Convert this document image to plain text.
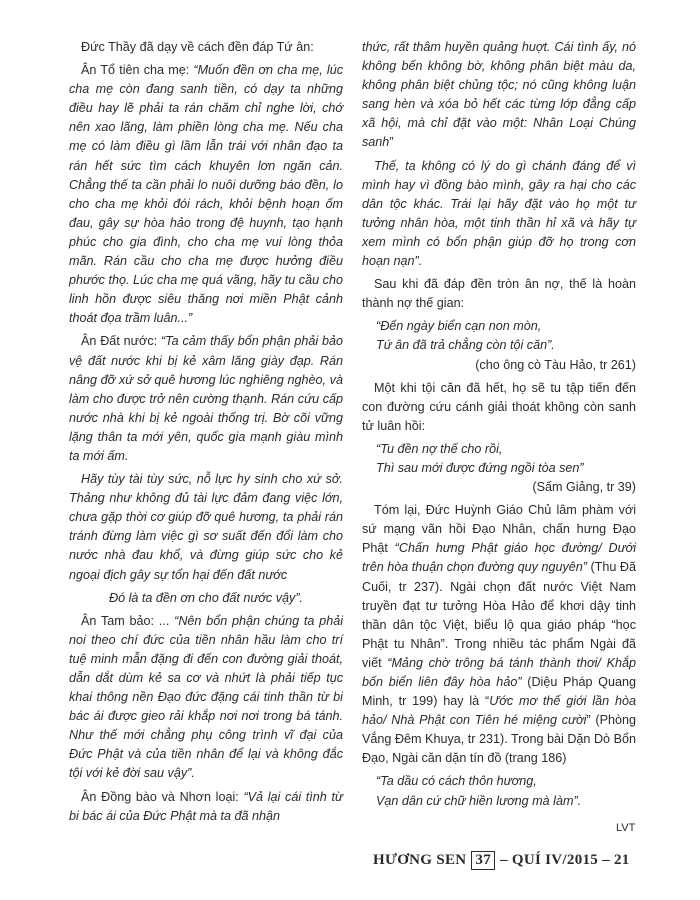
Đức Thầy đã dạy về cách đền đáp Tứ ân:

Ân Tổ tiên cha mẹ: “Muốn đền ơn cha mẹ, lúc cha mẹ còn đang sanh tiền, có dạy ta những điều hay lẽ phải ta rán chăm chỉ nghe lời, chớ nên xao lãng, làm phiền lòng cha mẹ. Nếu cha mẹ có làm điều gì lầm lẫn trái với nhân đạo ta rán hết sức tìm cách khuyên lơn ngăn cản. Chẳng thế ta cần phải lo nuôi dưỡng báo đền, lo cho cha mẹ khỏi đói rách, khỏi bệnh hoạn ốm đau, gây sự hòa hảo trong đệ huynh, tạo hạnh phúc cho gia đình, cho cha mẹ vui lòng thỏa mãn. Rán cầu cho cha mẹ được hưởng điều phước thọ. Lúc cha mẹ quá vãng, hãy tu cầu cho linh hồn được siêu thăng nơi miền Phật cảnh thoát đọa trầm luân...”

Ân Đất nước: “Ta cảm thấy bổn phận phải bảo vệ đất nước khi bị kẻ xâm lăng giày đạp. Rán nâng đỡ xứ sở quê hương lúc nghiêng nghèo, và làm cho được trở nên cường thạnh. Rán cứu cấp nước nhà khi bị kẻ ngoài thống trị. Bờ cõi vững lặng thân ta mới yên, quốc gia mạnh giàu mình ta mới ấm.

Hãy tùy tài tùy sức, nỗ lực hy sinh cho xứ sở. Thảng như không đủ tài lực đảm đang việc lớn, chưa gặp thời cơ giúp đỡ quê hương, ta phải rán tránh đừng làm việc gì sơ suất đến đổi làm cho nước nhà đau khổ, và đừng giúp sức cho kẻ ngoại địch gây sự tổn hại đến đất nước

Đó là ta đền ơn cho đất nước vậy”.

Ân Tam bảo: ... “Nên bổn phận chúng ta phải noi theo chí đức của tiền nhân hầu làm cho trí tuệ minh mẫn đặng đi đến con đường giải thoát, dẫn dắt dùm kẻ sa cơ và nhứt là phải tiếp tục khai thông nền Đạo đức đặng cái tinh thần từ bi bác ái được gieo rải khắp nơi nơi trong bá tánh. Như thế mới chẳng phụ công trình vĩ đại của Đức Phật và của tiền nhân để lại và không đắc tội với kẻ đời sau vậy”.

Ân Đồng bào và Nhơn loại: “Vả lại cái tình từ bi bác ái của Đức Phật mà ta đã nhận

thức, rất thâm huyền quảng huợt. Cái tình ấy, nó không bến không bờ, không phân biệt màu da, không phân biệt chủng tộc; nó cũng không luận sang hèn và xóa bỏ hết các từng lớp đẳng cấp xã hội, mà chỉ đặt vào một: Nhân Loại Chúng sanh”

Thế, ta không có lý do gì chánh đáng để vì mình hay vì đồng bào mình, gây ra hại cho các dân tộc khác. Trái lại hãy đặt vào họ một tư tưởng nhân hòa, một tinh thần hỉ xã và hãy tự xem mình có bổn phận giúp đỡ họ trong cơn hoạn nạn”.

Sau khi đã đáp đền tròn ân nợ, thế là hoàn thành nợ thế gian:

“Đến ngày biển cạn non mòn,

Tứ ân đã trả chẳng còn tội căn”.

(cho ông cò Tàu Hảo, tr 261)

Một khi tội căn đã hết, họ sẽ tu tập tiến đến con đường cứu cánh giải thoát không còn sanh tử luân hồi:

“Tu đền nợ thế cho rồi,

Thì sau mới được đứng ngồi tòa sen”

(Sấm Giảng, tr 39)

Tóm lại, Đức Huỳnh Giáo Chủ lâm phàm với sứ mạng vãn hồi Đạo Nhân, chấn hưng Đạo Phật “Chấn hưng Phật giáo học đường/ Dưới trên hòa thuận chọn đường quy nguyên” (Thu Đã Cuối, tr 237). Ngài chọn đất nước Việt Nam truyền đạt tư tưởng Hòa Hảo để khơi dậy tinh thần dân tộc Việt, biểu lộ qua giáo pháp “học Phật tu Nhân”. Trong nhiều tác phẩm Ngài đã viết “Mảng chờ trông bá tánh thành thơi/ Khắp bốn biển liên đây hòa hảo” (Diệu Pháp Quang Minh, tr 199) hay là “Ước mơ thế giới lần hòa hảo/ Nhà Phật con Tiên hé miệng cười” (Phòng Vắng Đêm Khuya, tr 231). Trong bài Dặn Dò Bổn Đạo, Ngài căn dặn tín đồ (trang 186)

“Ta dầu có cách thôn hương,

Vạn dân cứ chữ hiền lương mà làm”.

LVT
HƯƠNG SEN 37 – QUÍ IV/2015 – 21
